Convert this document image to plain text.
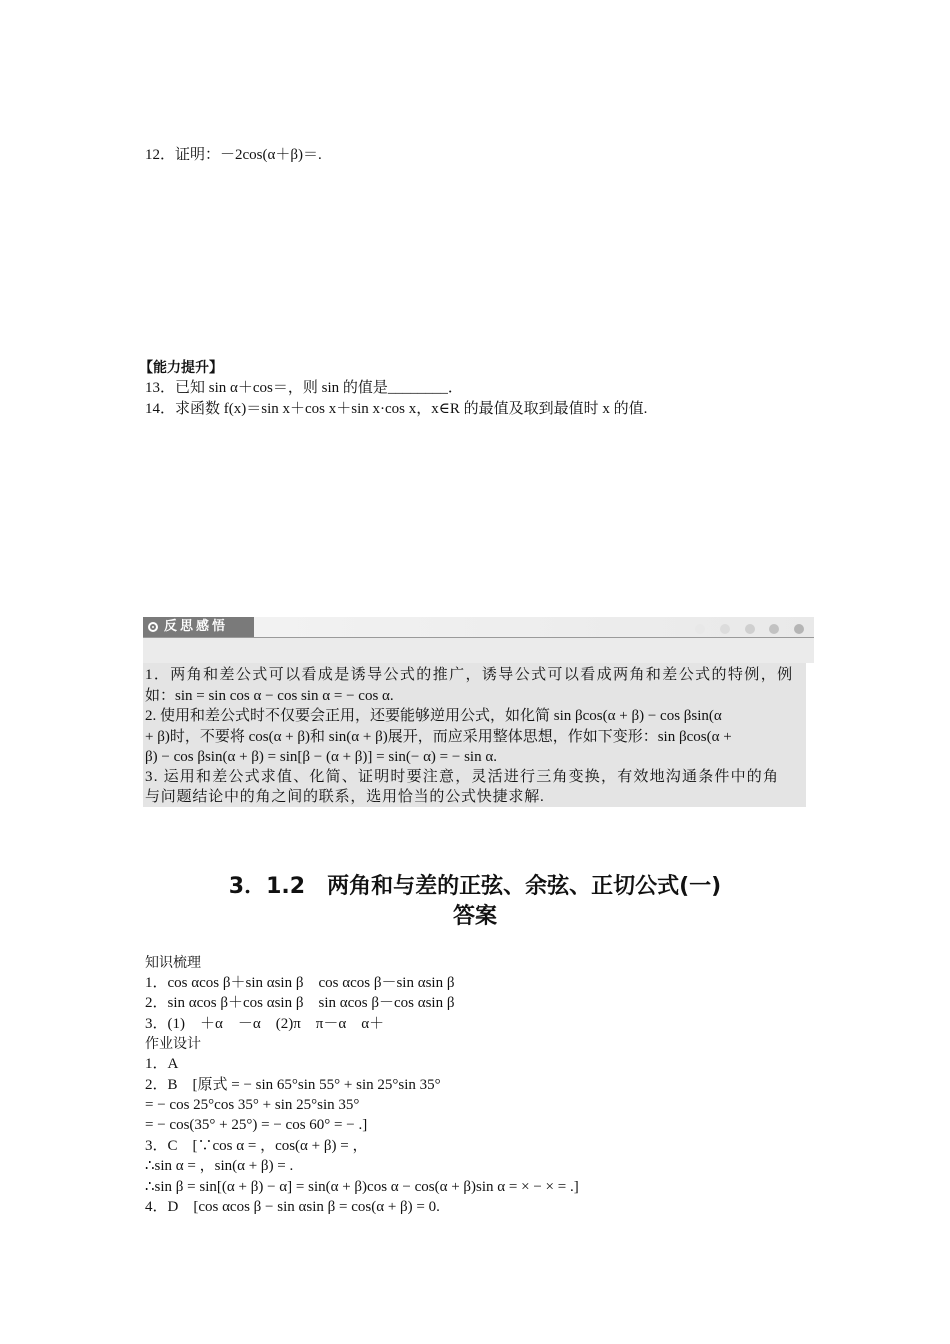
12．证明：－2cos(α＋β)＝.
【能力提升】
13．已知 sin α＋cos＝，则 sin 的值是________．
14．求函数 f(x)＝sin x＋cos x＋sin x·cos x，x∈R 的最值及取到最值时 x 的值.
反思感悟

1．两角和差公式可以看成是诱导公式的推广，诱导公式可以看成两角和差公式的特例，例
如：sin = sin cos α − cos sin α = − cos α.
2. 使用和差公式时不仅要会正用，还要能够逆用公式，如化简 sin βcos(α + β) − cos βsin(α
+ β)时，不要将 cos(α + β)和 sin(α + β)展开，而应采用整体思想，作如下变形：sin βcos(α +
β) − cos βsin(α + β) = sin[β − (α + β)] = sin(− α) = − sin α.
3. 运用和差公式求值、化简、证明时要注意，灵活进行三角变换，有效地沟通条件中的角
与问题结论中的角之间的联系，选用恰当的公式快捷求解.
3．1.2　两角和与差的正弦、余弦、正切公式(一)
答案
知识梳理
1．cos αcos β＋sin αsin β　cos αcos β－sin αsin β
2．sin αcos β＋cos αsin β　sin αcos β－cos αsin β
3．(1)　＋α　－α　(2)π　π－α　α＋
作业设计
1．A
2．B　[原式 = − sin 65°sin 55° + sin 25°sin 35°
= − cos 25°cos 35° + sin 25°sin 35°
= − cos(35° + 25°) = − cos 60° = − .]
3．C　[∵cos α = ，cos(α + β) = ，
∴sin α = ，sin(α + β) = .
∴sin β = sin[(α + β) − α] = sin(α + β)cos α − cos(α + β)sin α = × − × = .]
4．D　[cos αcos β − sin αsin β = cos(α + β) = 0.
